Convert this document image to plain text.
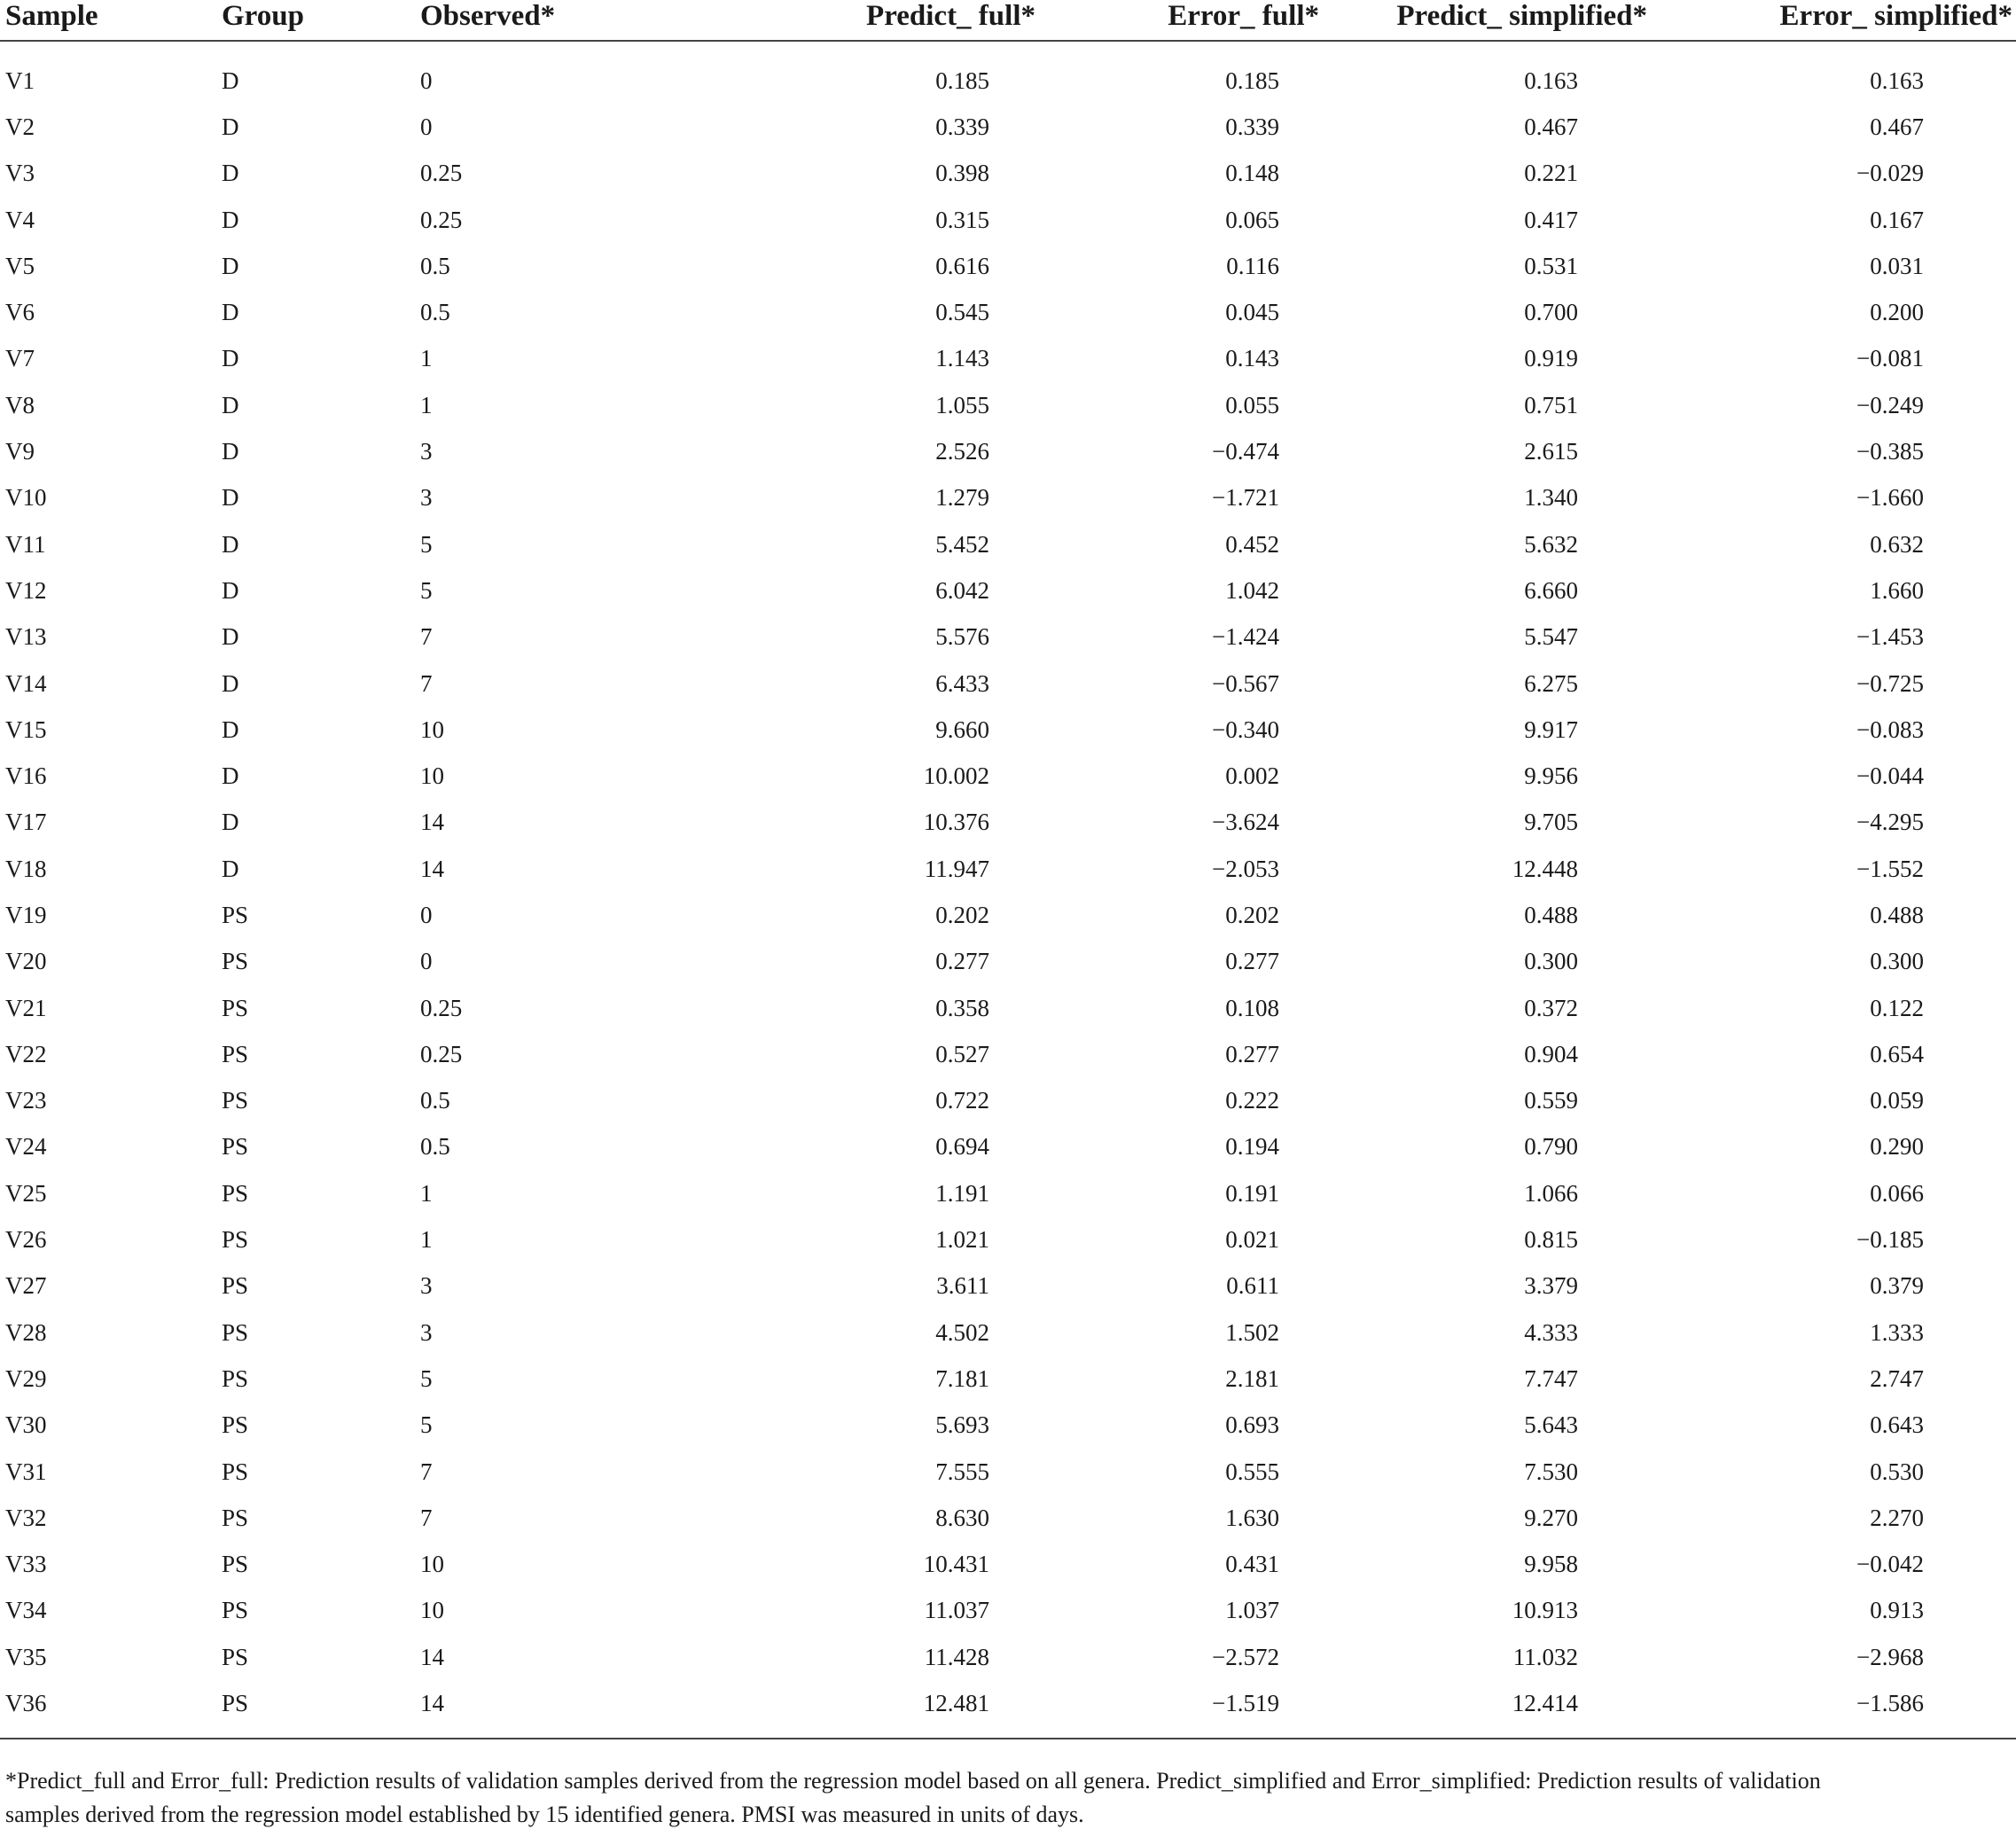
Sample	Group	Observed*	Predict_ full*	Error_ full*	Predict_ simplified*	Error_ simplified*
V1	D	0	0.185	0.185	0.163	0.163
V2	D	0	0.339	0.339	0.467	0.467
V3	D	0.25	0.398	0.148	0.221	−0.029
V4	D	0.25	0.315	0.065	0.417	0.167
V5	D	0.5	0.616	0.116	0.531	0.031
V6	D	0.5	0.545	0.045	0.700	0.200
V7	D	1	1.143	0.143	0.919	−0.081
V8	D	1	1.055	0.055	0.751	−0.249
V9	D	3	2.526	−0.474	2.615	−0.385
V10	D	3	1.279	−1.721	1.340	−1.660
V11	D	5	5.452	0.452	5.632	0.632
V12	D	5	6.042	1.042	6.660	1.660
V13	D	7	5.576	−1.424	5.547	−1.453
V14	D	7	6.433	−0.567	6.275	−0.725
V15	D	10	9.660	−0.340	9.917	−0.083
V16	D	10	10.002	0.002	9.956	−0.044
V17	D	14	10.376	−3.624	9.705	−4.295
V18	D	14	11.947	−2.053	12.448	−1.552
V19	PS	0	0.202	0.202	0.488	0.488
V20	PS	0	0.277	0.277	0.300	0.300
V21	PS	0.25	0.358	0.108	0.372	0.122
V22	PS	0.25	0.527	0.277	0.904	0.654
V23	PS	0.5	0.722	0.222	0.559	0.059
V24	PS	0.5	0.694	0.194	0.790	0.290
V25	PS	1	1.191	0.191	1.066	0.066
V26	PS	1	1.021	0.021	0.815	−0.185
V27	PS	3	3.611	0.611	3.379	0.379
V28	PS	3	4.502	1.502	4.333	1.333
V29	PS	5	7.181	2.181	7.747	2.747
V30	PS	5	5.693	0.693	5.643	0.643
V31	PS	7	7.555	0.555	7.530	0.530
V32	PS	7	8.630	1.630	9.270	2.270
V33	PS	10	10.431	0.431	9.958	−0.042
V34	PS	10	11.037	1.037	10.913	0.913
V35	PS	14	11.428	−2.572	11.032	−2.968
V36	PS	14	12.481	−1.519	12.414	−1.586
*Predict_full and Error_full: Prediction results of validation samples derived from the regression model based on all genera. Predict_simplified and Error_simplified: Prediction results of validation samples derived from the regression model established by 15 identified genera. PMSI was measured in units of days.
